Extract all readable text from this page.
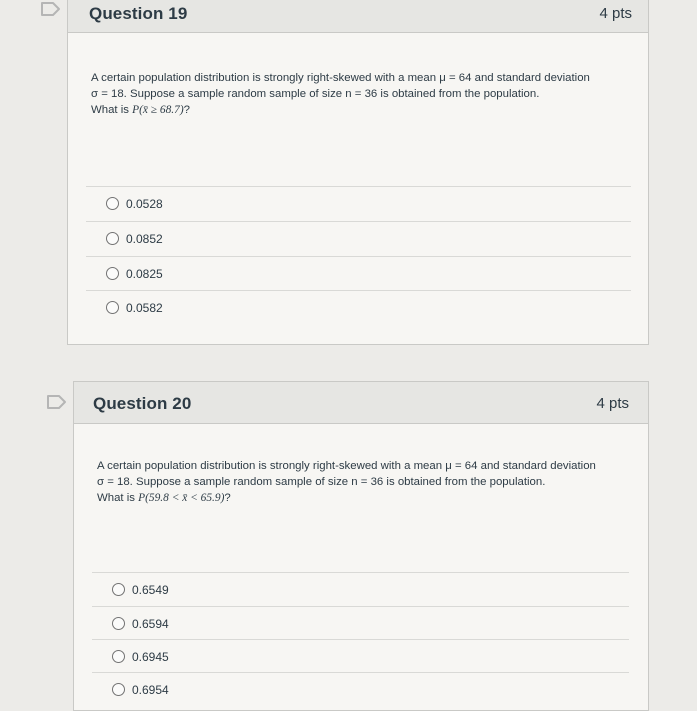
Question 19	4 pts

A certain population distribution is strongly right-skewed with a mean μ = 64 and standard deviation

σ = 18. Suppose a sample random sample of size n = 36 is obtained from the population.

What is P(x̄ ≥ 68.7)?

0.0528
0.0852
0.0825
0.0582
Question 20	4 pts

A certain population distribution is strongly right-skewed with a mean μ = 64 and standard deviation

σ = 18. Suppose a sample random sample of size n = 36 is obtained from the population.

What is P(59.8 < x̄ < 65.9)?

0.6549
0.6594
0.6945
0.6954
